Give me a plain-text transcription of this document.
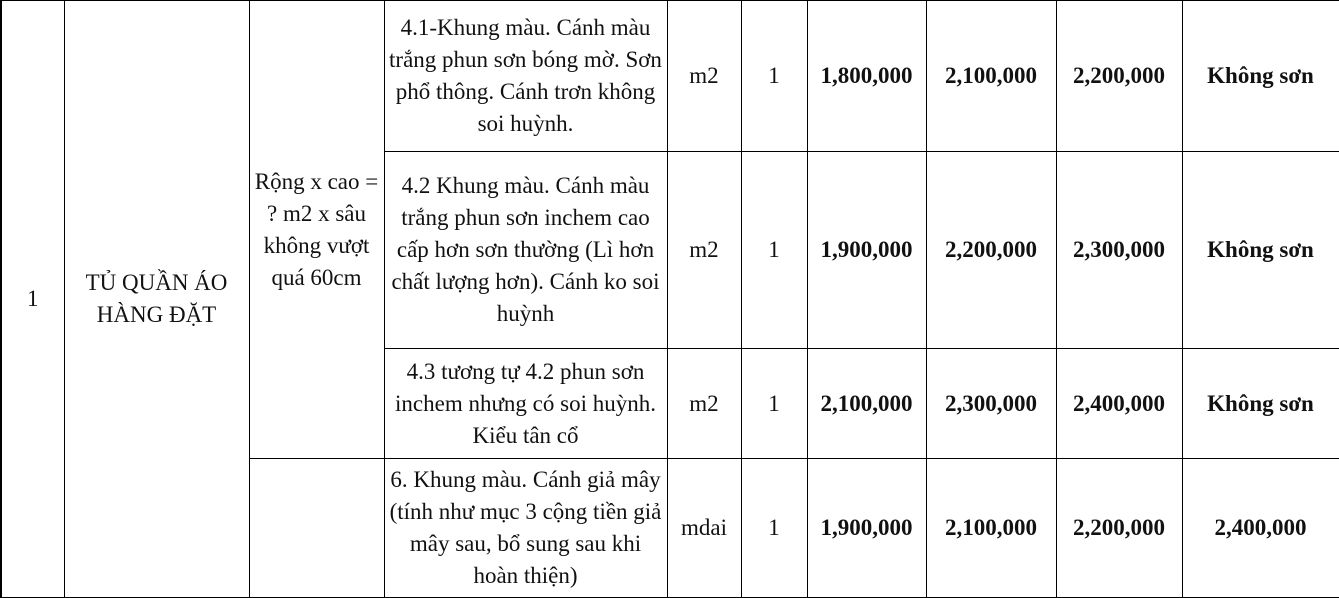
1	TỦ QUẦN ÁO HÀNG ĐẶT	Rộng x cao = ? m2 x sâu không vượt quá 60cm	4.1-Khung màu. Cánh màu trắng phun sơn bóng mờ. Sơn phổ thông. Cánh trơn không soi huỳnh.	m2	1	1,800,000	2,100,000	2,200,000	Không sơn
			4.2 Khung màu. Cánh màu trắng phun sơn inchem cao cấp hơn sơn thường (Lì hơn chất lượng hơn). Cánh ko soi huỳnh	m2	1	1,900,000	2,200,000	2,300,000	Không sơn
			4.3 tương tự 4.2 phun sơn inchem nhưng có soi huỳnh. Kiểu tân cổ	m2	1	2,100,000	2,300,000	2,400,000	Không sơn
			6. Khung màu. Cánh giả mây (tính như mục 3 cộng tiền giả mây sau, bổ sung sau khi hoàn thiện)	mdai	1	1,900,000	2,100,000	2,200,000	2,400,000
